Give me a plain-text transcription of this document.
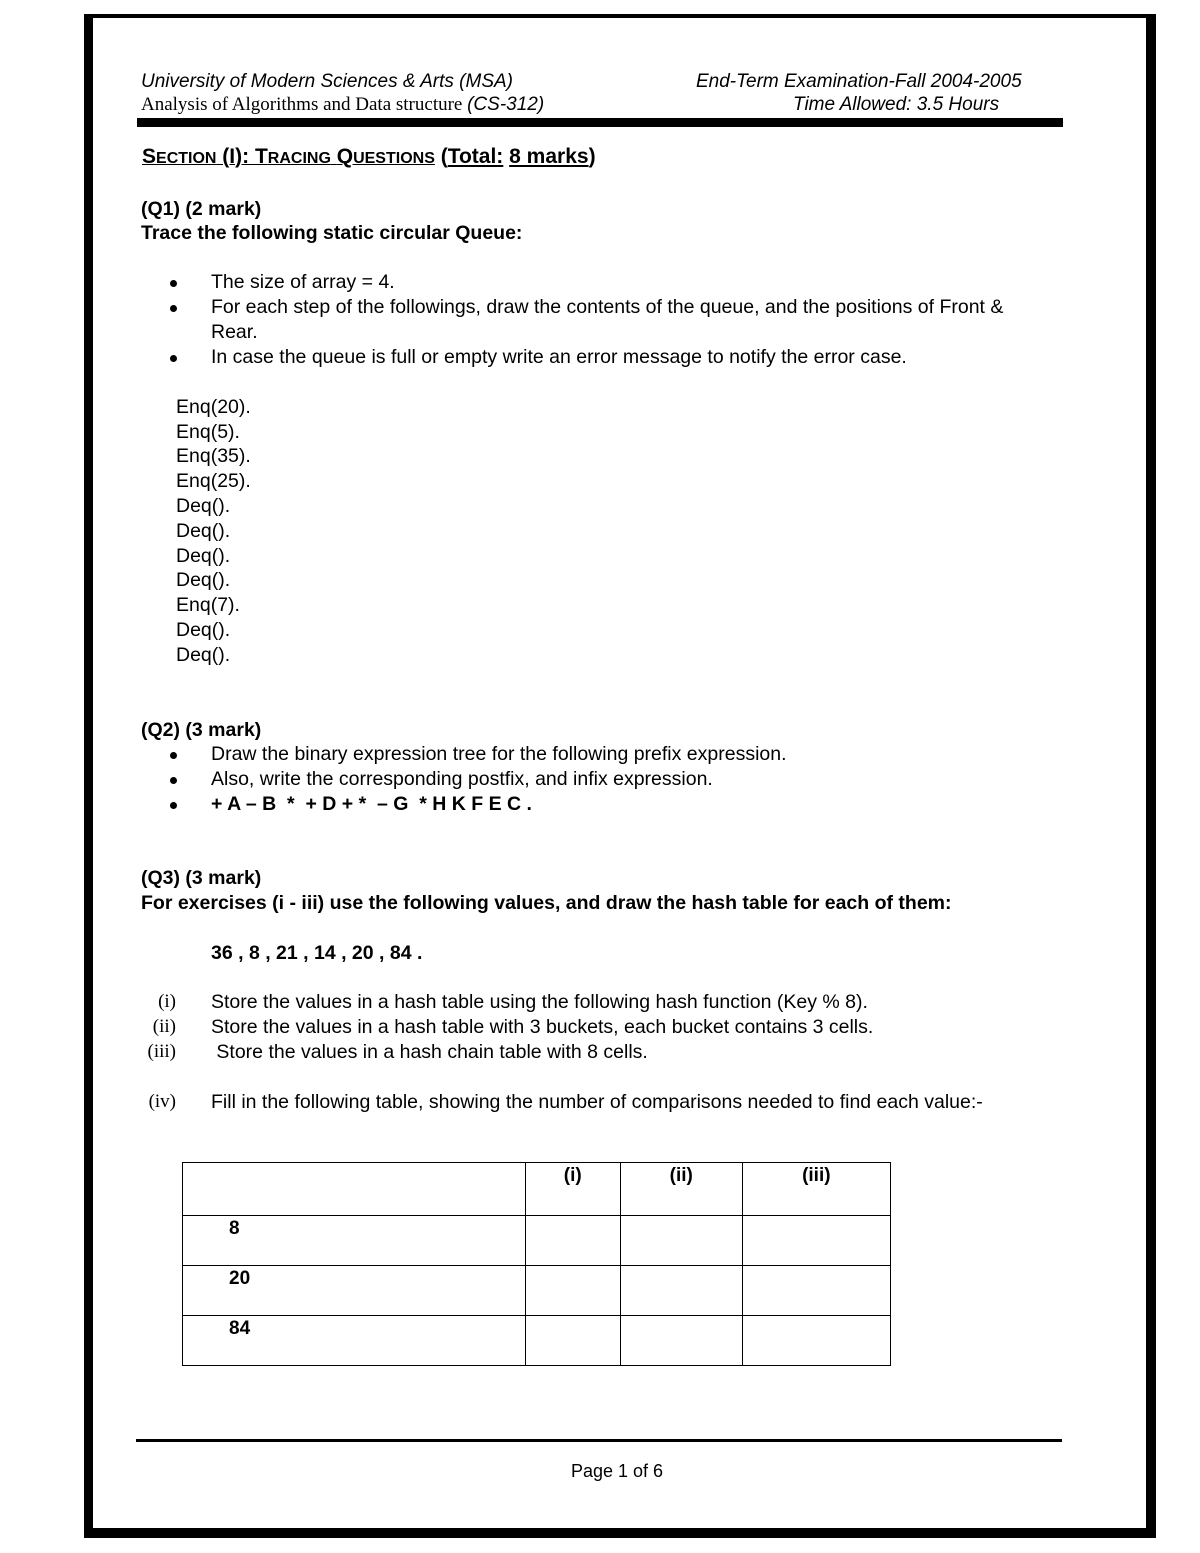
University of Modern Sciences & Arts (MSA)	End-Term Examination-Fall 2004-2005
Analysis of Algorithms and Data structure (CS-312)	Time Allowed: 3.5 Hours
SECTION (I): TRACING QUESTIONS (Total: 8 marks)
(Q1) (2 mark)
Trace the following static circular Queue:
The size of array = 4.
For each step of the followings, draw the contents of the queue, and the positions of Front &
Rear.
In case the queue is full or empty write an error message to notify the error case.
Enq(20).
Enq(5).
Enq(35).
Enq(25).
Deq().
Deq().
Deq().
Deq().
Enq(7).
Deq().
Deq().
(Q2) (3 mark)
Draw the binary expression tree for the following prefix expression.
Also, write the corresponding postfix, and infix expression.
+ A – B  *  + D + *  – G  * H K F E C .
(Q3) (3 mark)
For exercises (i - iii) use the following values, and draw the hash table for each of them:
36 , 8 , 21 , 14 , 20 , 84 .
(i) Store the values in a hash table using the following hash function (Key % 8).
(ii) Store the values in a hash table with 3 buckets, each bucket contains 3 cells.
(iii) Store the values in a hash chain table with 8 cells.
(iv) Fill in the following table, showing the number of comparisons needed to find each value:-
	(i)	(ii)	(iii)
8			
20			
84			
Page 1 of 6
